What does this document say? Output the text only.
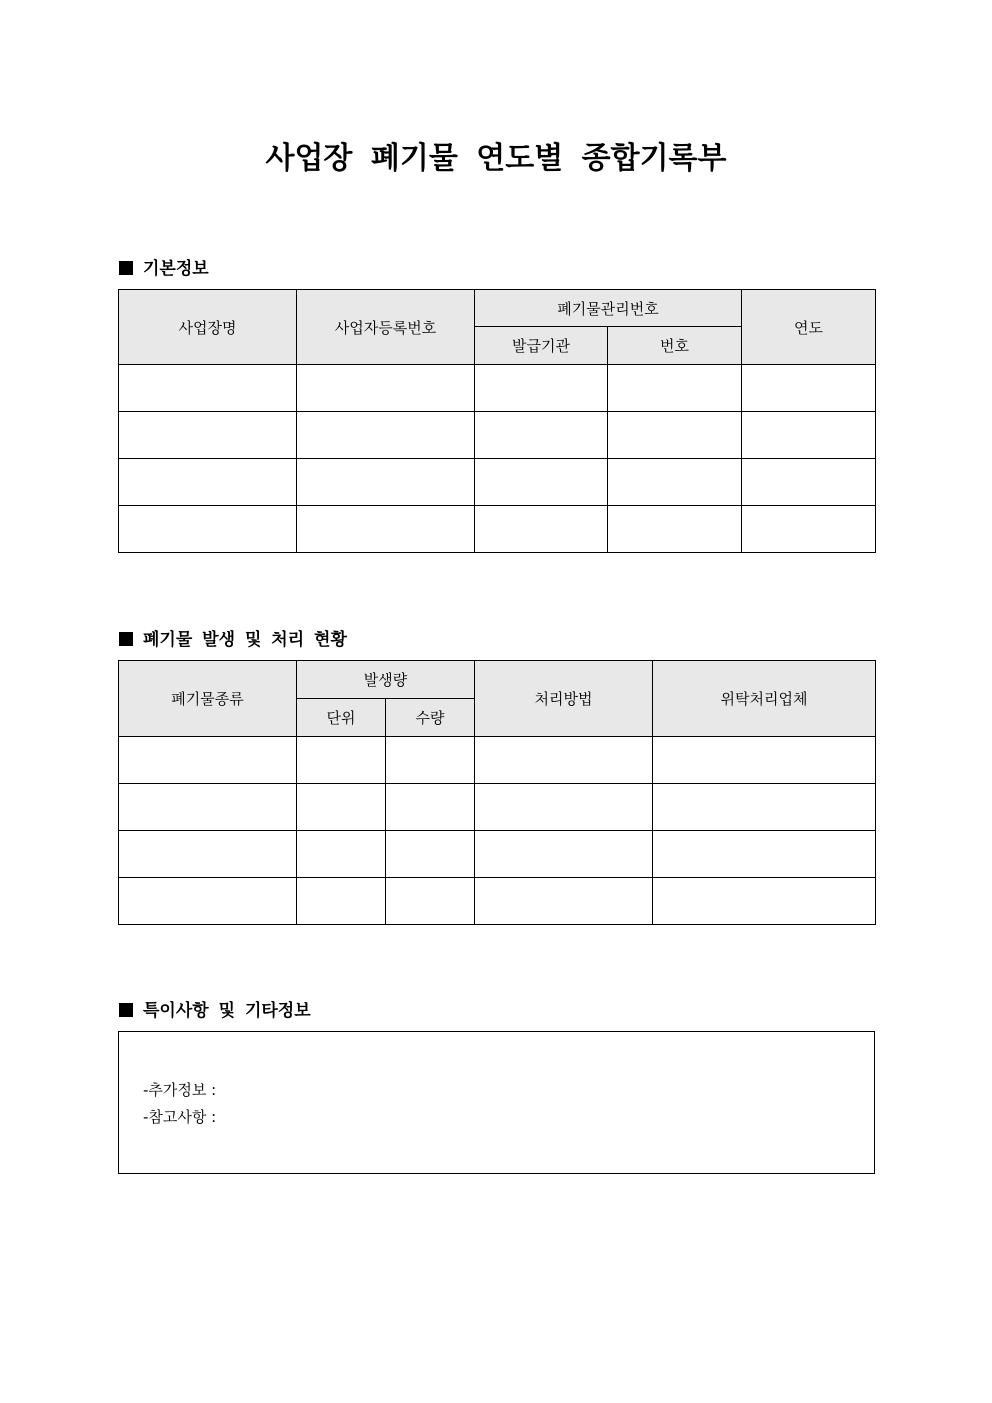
사업장 폐기물 연도별 종합기록부
기본정보
사업장명	사업자등록번호	폐기물관리번호		연도
		발급기관	번호	

폐기물 발생 및 처리 현황
폐기물종류	발생량		처리방법	위탁처리업체
	단위	수량		

특이사항 및 기타정보
-추가정보 :
-참고사항 :
